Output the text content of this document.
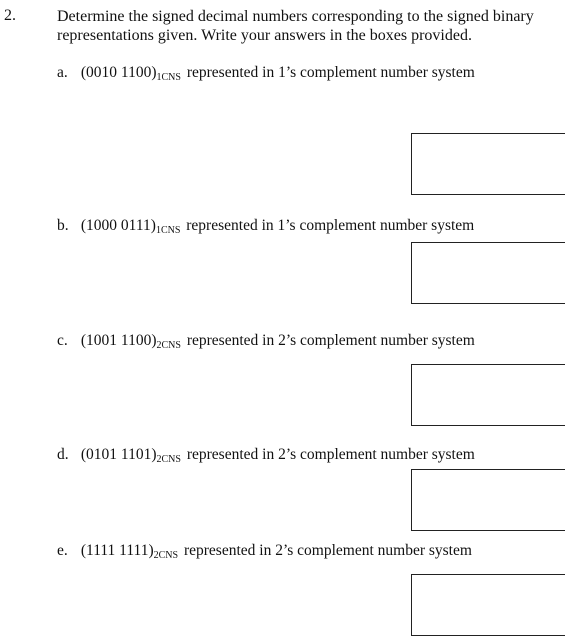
2.	Determine the signed decimal numbers corresponding to the signed binary representations given. Write your answers in the boxes provided.
a. (0010 $1100)_{1CNS}$ represented in 1’s complement number system
b. (1000 $0111)_{1CNS}$ represented in 1’s complement number system
c. (1001 $1100)_{2CNS}$ represented in 2’s complement number system
d. (0101 $1101)_{2CNS}$ represented in 2’s complement number system
e. (1111 $1111)_{2CNS}$ represented in 2’s complement number system
